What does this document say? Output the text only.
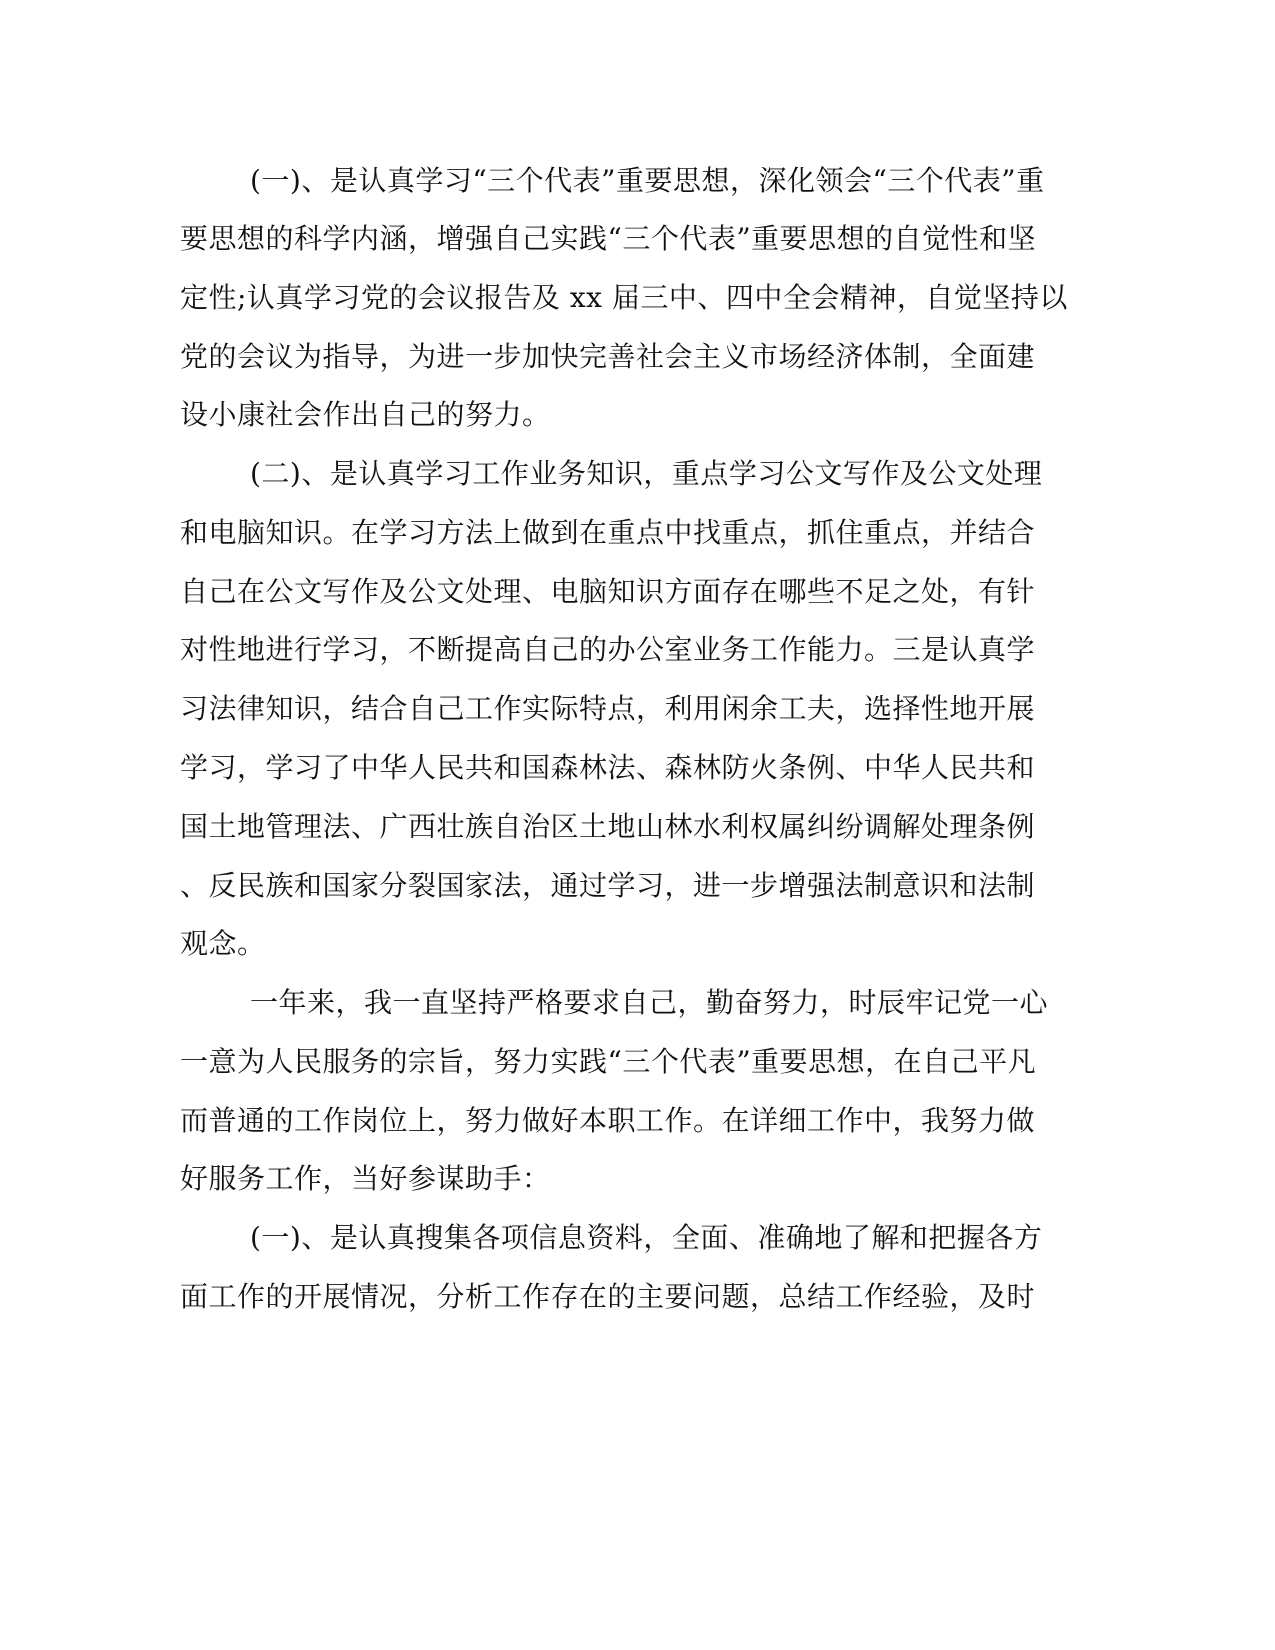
(一)、是认真学习“三个代表”重要思想，深化领会“三个代表”重

要思想的科学内涵，增强自己实践“三个代表”重要思想的自觉性和坚

定性;认真学习党的会议报告及 xx 届三中、四中全会精神，自觉坚持以

党的会议为指导，为进一步加快完善社会主义市场经济体制，全面建

设小康社会作出自己的努力。

(二)、是认真学习工作业务知识，重点学习公文写作及公文处理

和电脑知识。在学习方法上做到在重点中找重点，抓住重点，并结合

自己在公文写作及公文处理、电脑知识方面存在哪些不足之处，有针

对性地进行学习，不断提高自己的办公室业务工作能力。三是认真学

习法律知识，结合自己工作实际特点，利用闲余工夫，选择性地开展

学习，学习了中华人民共和国森林法、森林防火条例、中华人民共和

国土地管理法、广西壮族自治区土地山林水利权属纠纷调解处理条例

、反民族和国家分裂国家法，通过学习，进一步增强法制意识和法制

观念。

一年来，我一直坚持严格要求自己，勤奋努力，时辰牢记党一心

一意为人民服务的宗旨，努力实践“三个代表”重要思想，在自己平凡

而普通的工作岗位上，努力做好本职工作。在详细工作中，我努力做

好服务工作，当好参谋助手：

(一)、是认真搜集各项信息资料，全面、准确地了解和把握各方

面工作的开展情况，分析工作存在的主要问题，总结工作经验，及时
